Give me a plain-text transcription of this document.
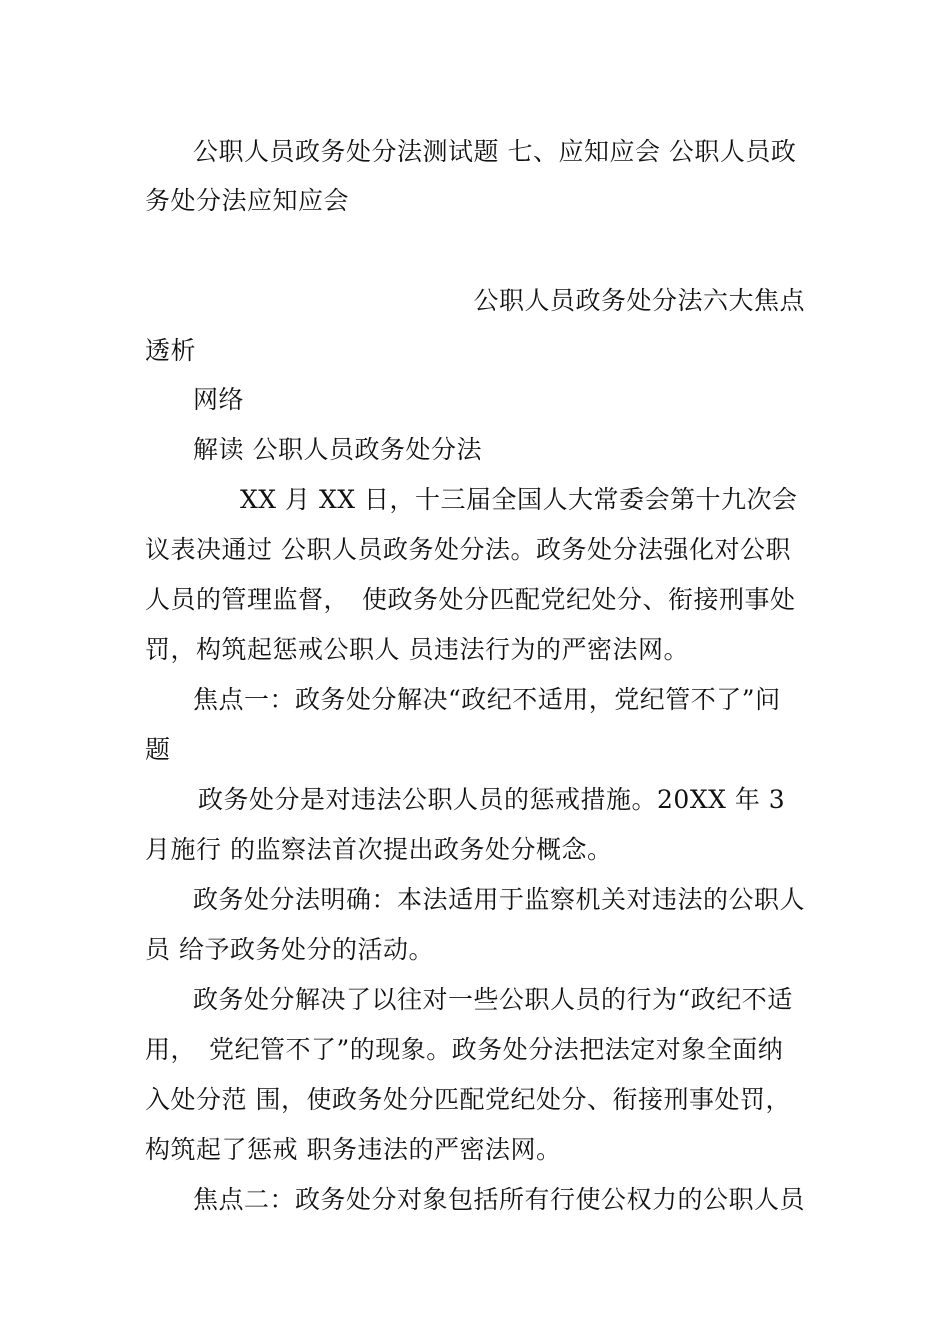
公职人员政务处分法测试题 七、应知应会 公职人员政
务处分法应知应会
公职人员政务处分法六大焦点
透析
网络
解读 公职人员政务处分法
XX 月 XX 日，十三届全国人大常委会第十九次会
议表决通过 公职人员政务处分法。政务处分法强化对公职
人员的管理监督，　使政务处分匹配党纪处分、衔接刑事处
罚，构筑起惩戒公职人 员违法行为的严密法网。
焦点一：政务处分解决“政纪不适用，党纪管不了”问
题
政务处分是对违法公职人员的惩戒措施。20XX 年 3
月施行 的监察法首次提出政务处分概念。
政务处分法明确：本法适用于监察机关对违法的公职人
员 给予政务处分的活动。
政务处分解决了以往对一些公职人员的行为“政纪不适
用，　党纪管不了”的现象。政务处分法把法定对象全面纳
入处分范 围，使政务处分匹配党纪处分、衔接刑事处罚，
构筑起了惩戒 职务违法的严密法网。
焦点二：政务处分对象包括所有行使公权力的公职人员
